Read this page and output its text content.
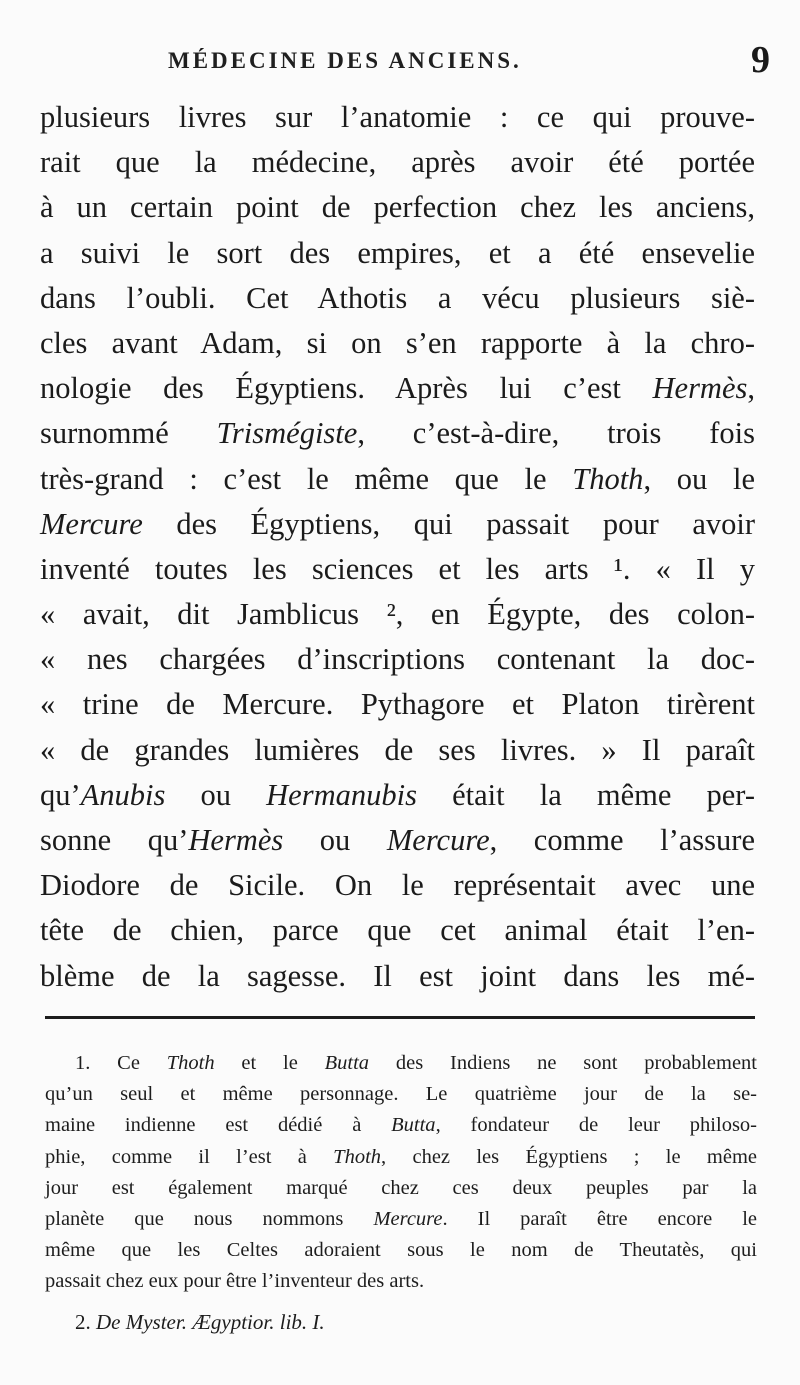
MÉDECINE DES ANCIENS.	9
plusieurs livres sur l’anatomie : ce qui prouve-
rait que la médecine, après avoir été portée
à un certain point de perfection chez les anciens,
a suivi le sort des empires, et a été ensevelie
dans l’oubli. Cet Athotis a vécu plusieurs siè-
cles avant Adam, si on s’en rapporte à la chro-
nologie des Égyptiens. Après lui c’est Hermès,
surnommé Trismégiste, c’est-à-dire, trois fois
très-grand : c’est le même que le Thoth, ou le
Mercure des Égyptiens, qui passait pour avoir
inventé toutes les sciences et les arts ¹. « Il y
« avait, dit Jamblicus ², en Égypte, des colon-
« nes chargées d’inscriptions contenant la doc-
« trine de Mercure. Pythagore et Platon tirèrent
« de grandes lumières de ses livres. » Il paraît
qu’Anubis ou Hermanubis était la même per-
sonne qu’Hermès ou Mercure, comme l’assure
Diodore de Sicile. On le représentait avec une
tête de chien, parce que cet animal était l’en-
blème de la sagesse. Il est joint dans les mé-
1. Ce Thoth et le Butta des Indiens ne sont probablement
qu’un seul et même personnage. Le quatrième jour de la se-
maine indienne est dédié à Butta, fondateur de leur philoso-
phie, comme il l’est à Thoth, chez les Égyptiens ; le même
jour est également marqué chez ces deux peuples par la
planète que nous nommons Mercure. Il paraît être encore le
même que les Celtes adoraient sous le nom de Theutatès, qui
passait chez eux pour être l’inventeur des arts.
2. De Myster. Ægyptior. lib. I.
